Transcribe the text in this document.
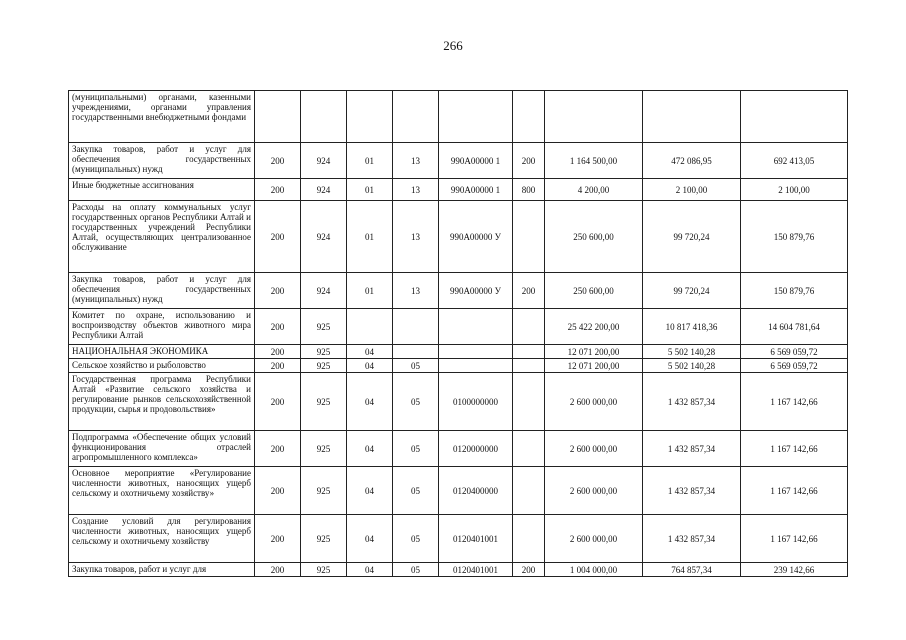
266
(муниципальными) органами, казенными учреждениями, органами управления государственными внебюджетными фондами									
Закупка товаров, работ и услуг для обеспечения государственных (муниципальных) нужд	200	924	01	13	990А00000 1	200	1 164 500,00	472 086,95	692 413,05
Иные бюджетные ассигнования	200	924	01	13	990А00000 1	800	4 200,00	2 100,00	2 100,00
Расходы на оплату коммунальных услуг государственных органов Республики Алтай и государственных учреждений Республики Алтай, осуществляющих централизованное обслуживание	200	924	01	13	990А00000 У		250 600,00	99 720,24	150 879,76
Закупка товаров, работ и услуг для обеспечения государственных (муниципальных) нужд	200	924	01	13	990А00000 У	200	250 600,00	99 720,24	150 879,76
Комитет по охране, использованию и воспроизводству объектов животного мира Республики Алтай	200	925					25 422 200,00	10 817 418,36	14 604 781,64
НАЦИОНАЛЬНАЯ ЭКОНОМИКА	200	925	04				12 071 200,00	5 502 140,28	6 569 059,72
Сельское хозяйство и рыболовство	200	925	04	05			12 071 200,00	5 502 140,28	6 569 059,72
Государственная программа Республики Алтай «Развитие сельского хозяйства и регулирование рынков сельскохозяйственной продукции, сырья и продовольствия»	200	925	04	05	0100000000		2 600 000,00	1 432 857,34	1 167 142,66
Подпрограмма «Обеспечение общих условий функционирования отраслей агропромышленного комплекса»	200	925	04	05	0120000000		2 600 000,00	1 432 857,34	1 167 142,66
Основное мероприятие «Регулирование численности животных, наносящих ущерб сельскому и охотничьему хозяйству»	200	925	04	05	0120400000		2 600 000,00	1 432 857,34	1 167 142,66
Создание условий для регулирования численности животных, наносящих ущерб сельскому и охотничьему хозяйству	200	925	04	05	0120401001		2 600 000,00	1 432 857,34	1 167 142,66
Закупка товаров, работ и услуг для	200	925	04	05	0120401001	200	1 004 000,00	764 857,34	239 142,66
